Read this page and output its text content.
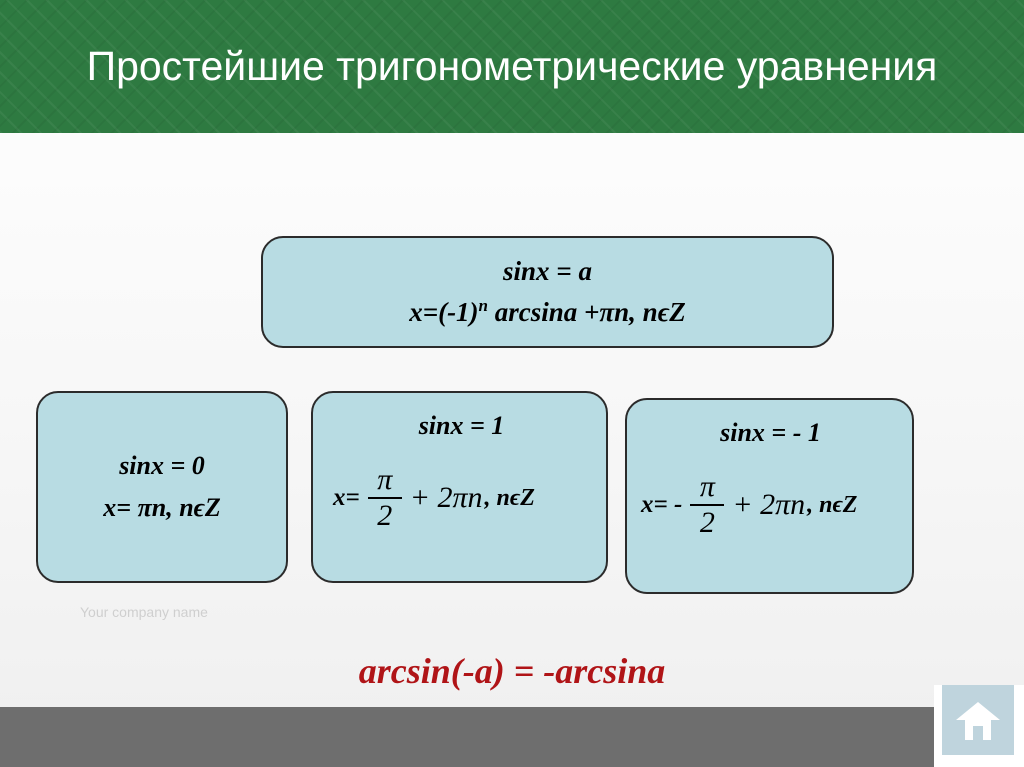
Простейшие тригонометрические уравнения
sinx = a
$x=(-1)^n$ arcsina +πn, nϵZ
sinx = 0
x= πn, nϵZ
sinx = 1
$x= \frac{\pi}{2} + 2\pi n$ , nϵZ
sinx = - 1
$x= - \frac{\pi}{2} + 2\pi n$ , nϵZ
Your company name
arcsin(-a) = -arcsina
